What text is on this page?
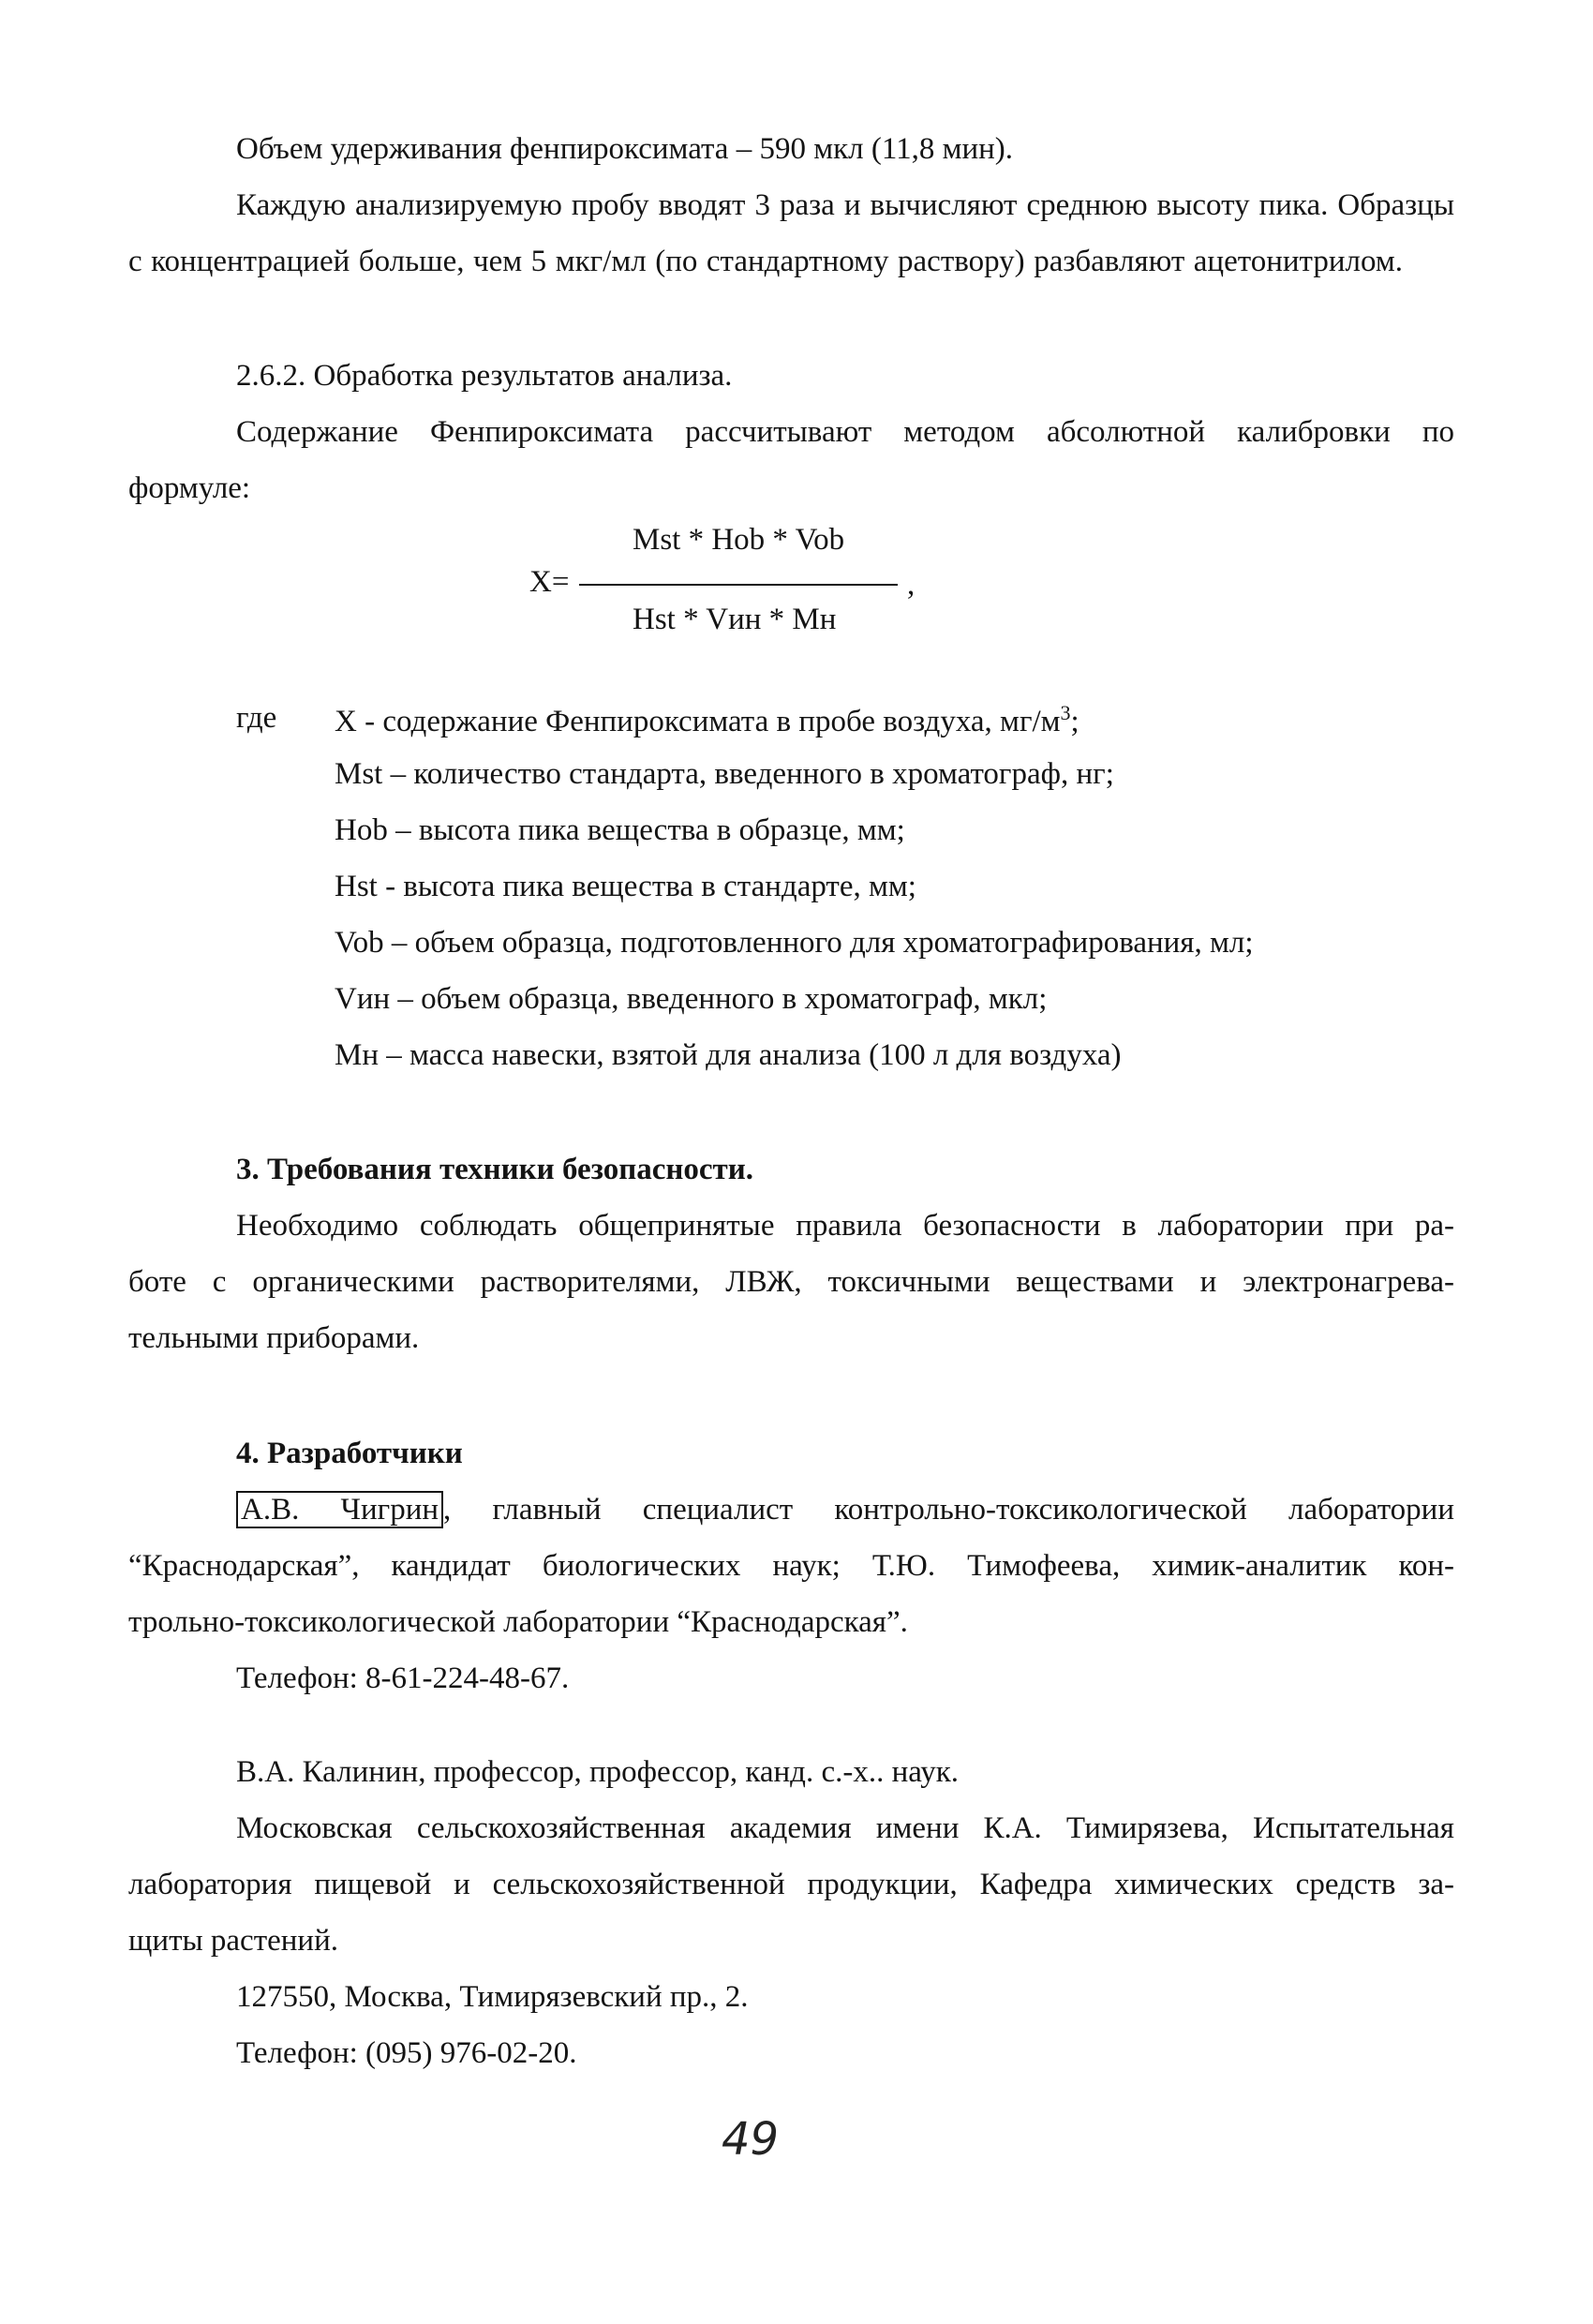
Объем удерживания фенпироксимата – 590 мкл (11,8 мин).
Каждую анализируемую пробу вводят 3 раза и вычисляют среднюю высоту пика. Образцы
с концентрацией больше, чем 5 мкг/мл (по стандартному раствору) разбавляют ацетонитрилом.
2.6.2. Обработка результатов анализа.
Содержание Фенпироксимата рассчитывают методом абсолютной калибровки по
формуле:
Mst * Hob * Vob
X=	,
Hst * Vин * Мн
где X - содержание Фенпироксимата в пробе воздуха, $мг/м^3$;
Mst – количество стандарта, введенного в хроматограф, нг;
Hob – высота пика вещества в образце, мм;
Hst - высота пика вещества в стандарте, мм;
Vob – объем образца, подготовленного для хроматографирования, мл;
Vин – объем образца, введенного в хроматограф, мкл;
Мн – масса навески, взятой для анализа (100 л для воздуха)
3. Требования техники безопасности.
Необходимо соблюдать общепринятые правила безопасности в лаборатории при ра-
боте с органическими растворителями, ЛВЖ, токсичными веществами и электронагрева-
тельными приборами.
4. Разработчики
А.В. Чигрин , главный специалист контрольно-токсикологической лаборатории
“Краснодарская”, кандидат биологических наук; Т.Ю. Тимофеева, химик-аналитик кон-
трольно-токсикологической лаборатории “Краснодарская”.
Телефон: 8-61-224-48-67.
В.А. Калинин, профессор, профессор, канд. с.-х.. наук.
Московская сельскохозяйственная академия имени К.А. Тимирязева, Испытательная
лаборатория пищевой и сельскохозяйственной продукции, Кафедра химических средств за-
щиты растений.
127550, Москва, Тимирязевский пр., 2.
Телефон: (095) 976-02-20.
49
